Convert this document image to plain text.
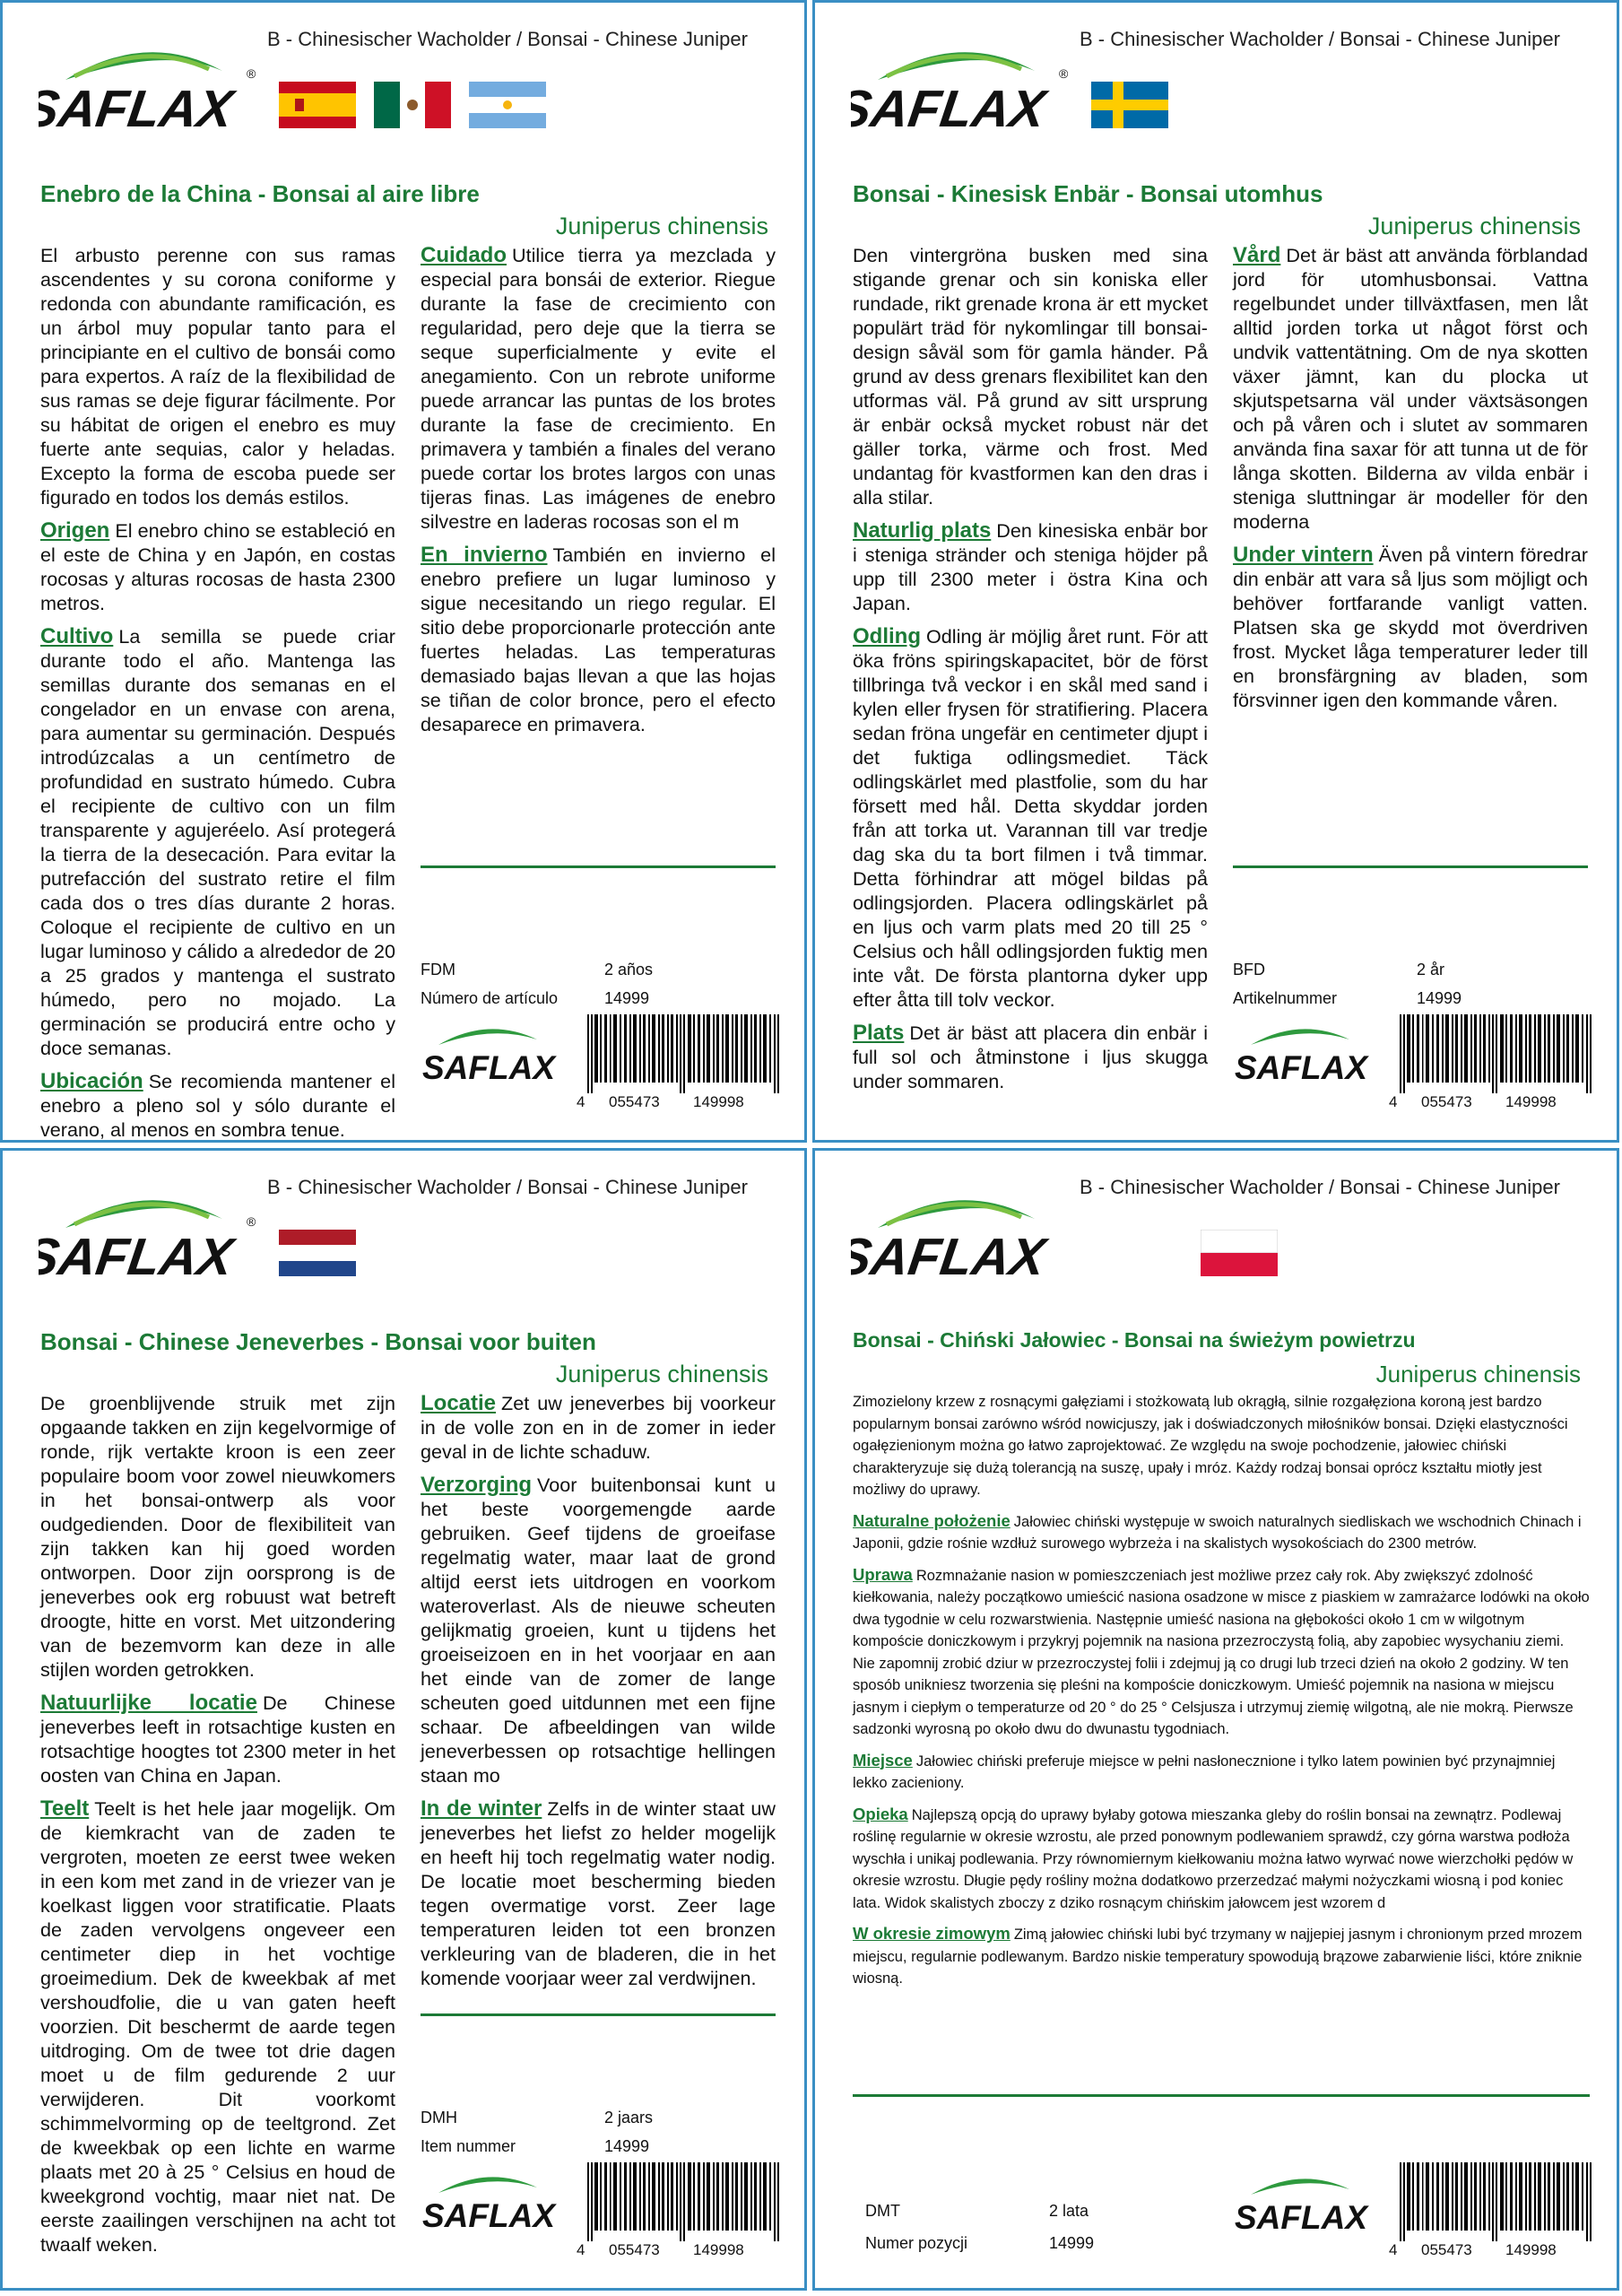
B - Chinesischer Wacholder / Bonsai - Chinese Juniper
SAFLAX
®
Enebro de la China - Bonsai al aire libre
Juniperus chinensis

El arbusto perenne con sus ramas ascendentes y su corona coniforme y redonda con abundante ramificación, es un árbol muy popular tanto para el principiante en el cultivo de bonsái como para expertos. A raíz de la flexibilidad de sus ramas se deje figurar fácilmente. Por su hábitat de origen el enebro es muy fuerte ante sequias, calor y heladas. Excepto la forma de escoba puede ser figurado en todos los demás estilos.

Origen El enebro chino se estableció en el este de China y en Japón, en costas rocosas y alturas rocosas de hasta 2300 metros.

Cultivo La semilla se puede criar durante todo el año. Mantenga las semillas durante dos semanas en el congelador en un envase con arena, para aumentar su germinación. Después introdúzcalas a un centímetro de profundidad en sustrato húmedo. Cubra el recipiente de cultivo con un film transparente y agujeréelo. Así protegerá la tierra de la desecación. Para evitar la putrefacción del sustrato retire el film cada dos o tres días durante 2 horas. Coloque el recipiente de cultivo en un lugar luminoso y cálido a alrededor de 20 a 25 grados y mantenga el sustrato húmedo, pero no mojado. La germinación se producirá entre ocho y doce semanas.

Ubicación Se recomienda mantener el enebro a pleno sol y sólo durante el verano, al menos en sombra tenue.

Cuidado Utilice tierra ya mezclada y especial para bonsái de exterior. Riegue durante la fase de crecimiento con regularidad, pero deje que la tierra se seque superficialmente y evite el anegamiento. Con un rebrote uniforme puede arrancar las puntas de los brotes durante la fase de crecimiento. En primavera y también a finales del verano puede cortar los brotes largos con unas tijeras finas. Las imágenes de enebro silvestre en laderas rocosas son el m

En invierno También en invierno el enebro prefiere un lugar luminoso y sigue necesitando un riego regular. El sitio debe proporcionarle protección ante fuertes heladas. Las temperaturas demasiado bajas llevan a que las hojas se tiñan de color bronce, pero el efecto desaparece en primavera.

FDM	2 años
Número de artículo	14999
SAFLAX
4 055473 149998
B - Chinesischer Wacholder / Bonsai - Chinese Juniper
SAFLAX
®
Bonsai - Kinesisk Enbär - Bonsai utomhus
Juniperus chinensis

Den vintergröna busken med sina stigande grenar och sin koniska eller rundade, rikt grenade krona är ett mycket populärt träd för nykomlingar till bonsai-design såväl som för gamla händer. På grund av dess grenars flexibilitet kan den utformas väl. På grund av sitt ursprung är enbär också mycket robust när det gäller torka, värme och frost. Med undantag för kvastformen kan den dras i alla stilar.

Naturlig plats Den kinesiska enbär bor i steniga stränder och steniga höjder på upp till 2300 meter i östra Kina och Japan.

Odling Odling är möjlig året runt. För att öka fröns spiringskapacitet, bör de först tillbringa två veckor i en skål med sand i kylen eller frysen för stratifiering. Placera sedan fröna ungefär en centimeter djupt i det fuktiga odlingsmediet. Täck odlingskärlet med plastfolie, som du har försett med hål. Detta skyddar jorden från att torka ut. Varannan till var tredje dag ska du ta bort filmen i två timmar. Detta förhindrar att mögel bildas på odlingsjorden. Placera odlingskärlet på en ljus och varm plats med 20 till 25 ° Celsius och håll odlingsjorden fuktig men inte våt. De första plantorna dyker upp efter åtta till tolv veckor.

Plats Det är bäst att placera din enbär i full sol och åtminstone i ljus skugga under sommaren.

Vård Det är bäst att använda förblandad jord för utomhusbonsai. Vattna regelbundet under tillväxtfasen, men låt alltid jorden torka ut något först och undvik vattentätning. Om de nya skotten växer jämnt, kan du plocka ut skjutspetsarna väl under växtsäsongen och på våren och i slutet av sommaren använda fina saxar för att tunna ut de för långa skotten. Bilderna av vilda enbär i steniga sluttningar är modeller för den moderna

Under vintern Även på vintern föredrar din enbär att vara så ljus som möjligt och behöver fortfarande vanligt vatten. Platsen ska ge skydd mot överdriven frost. Mycket låga temperaturer leder till en bronsfärgning av bladen, som försvinner igen den kommande våren.

BFD	2 år
Artikelnummer	14999
SAFLAX
4 055473 149998
B - Chinesischer Wacholder / Bonsai - Chinese Juniper
SAFLAX
®
Bonsai - Chinese Jeneverbes - Bonsai voor buiten
Juniperus chinensis

De groenblijvende struik met zijn opgaande takken en zijn kegelvormige of ronde, rijk vertakte kroon is een zeer populaire boom voor zowel nieuwkomers in het bonsai-ontwerp als voor oudgedienden. Door de flexibiliteit van zijn takken kan hij goed worden ontworpen. Door zijn oorsprong is de jeneverbes ook erg robuust wat betreft droogte, hitte en vorst. Met uitzondering van de bezemvorm kan deze in alle stijlen worden getrokken.

Natuurlijke locatie De Chinese jeneverbes leeft in rotsachtige kusten en rotsachtige hoogtes tot 2300 meter in het oosten van China en Japan.

Teelt Teelt is het hele jaar mogelijk. Om de kiemkracht van de zaden te vergroten, moeten ze eerst twee weken in een kom met zand in de vriezer van je koelkast liggen voor stratificatie. Plaats de zaden vervolgens ongeveer een centimeter diep in het vochtige groeimedium. Dek de kweekbak af met vershoudfolie, die u van gaten heeft voorzien. Dit beschermt de aarde tegen uitdroging. Om de twee tot drie dagen moet u de film gedurende 2 uur verwijderen. Dit voorkomt schimmelvorming op de teeltgrond. Zet de kweekbak op een lichte en warme plaats met 20 à 25 ° Celsius en houd de kweekgrond vochtig, maar niet nat. De eerste zaailingen verschijnen na acht tot twaalf weken.

Locatie Zet uw jeneverbes bij voorkeur in de volle zon en in de zomer in ieder geval in de lichte schaduw.

Verzorging Voor buitenbonsai kunt u het beste voorgemengde aarde gebruiken. Geef tijdens de groeifase regelmatig water, maar laat de grond altijd eerst iets uitdrogen en voorkom wateroverlast. Als de nieuwe scheuten gelijkmatig groeien, kunt u tijdens het groeiseizoen en in het voorjaar en aan het einde van de zomer de lange scheuten goed uitdunnen met een fijne schaar. De afbeeldingen van wilde jeneverbessen op rotsachtige hellingen staan mo

In de winter Zelfs in de winter staat uw jeneverbes het liefst zo helder mogelijk en heeft hij toch regelmatig water nodig. De locatie moet bescherming bieden tegen overmatige vorst. Zeer lage temperaturen leiden tot een bronzen verkleuring van de bladeren, die in het komende voorjaar weer zal verdwijnen.

DMH	2 jaars
Item nummer	14999
SAFLAX
4 055473 149998
B - Chinesischer Wacholder / Bonsai - Chinese Juniper
SAFLAX
Bonsai - Chiński Jałowiec - Bonsai na świeżym powietrzu
Juniperus chinensis

Zimozielony krzew z rosnącymi gałęziami i stożkowatą lub okrągłą, silnie rozgałęziona koroną jest bardzo popularnym bonsai zarówno wśród nowicjuszy, jak i doświadczonych miłośników bonsai. Dzięki elastyczności ogałęzienionym można go łatwo zaprojektować. Ze względu na swoje pochodzenie, jałowiec chiński charakteryzuje się dużą tolerancją na suszę, upały i mróz. Każdy rodzaj bonsai oprócz kształtu miotły jest możliwy do uprawy.

Naturalne położenie Jałowiec chiński występuje w swoich naturalnych siedliskach we wschodnich Chinach i Japonii, gdzie rośnie wzdłuż surowego wybrzeża i na skalistych wysokościach do 2300 metrów.

Uprawa Rozmnażanie nasion w pomieszczeniach jest możliwe przez cały rok. Aby zwiększyć zdolność kiełkowania, należy początkowo umieścić nasiona osadzone w misce z piaskiem w zamrażarce lodówki na około dwa tygodnie w celu rozwarstwienia. Następnie umieść nasiona na głębokości około 1 cm w wilgotnym kompoście doniczkowym i przykryj pojemnik na nasiona przezroczystą folią, aby zapobiec wysychaniu ziemi. Nie zapomnij zrobić dziur w przezroczystej folii i zdejmuj ją co drugi lub trzeci dzień na około 2 godziny. W ten sposób unikniesz tworzenia się pleśni na kompoście doniczkowym. Umieść pojemnik na nasiona w miejscu jasnym i ciepłym o temperaturze od 20 ° do 25 ° Celsjusza i utrzymuj ziemię wilgotną, ale nie mokrą. Pierwsze sadzonki wyrosną po około dwu do dwunastu tygodniach.

Miejsce Jałowiec chiński preferuje miejsce w pełni nasłonecznione i tylko latem powinien być przynajmniej lekko zacieniony.

Opieka Najlepszą opcją do uprawy byłaby gotowa mieszanka gleby do roślin bonsai na zewnątrz. Podlewaj roślinę regularnie w okresie wzrostu, ale przed ponownym podlewaniem sprawdź, czy górna warstwa podłoża wyschła i unikaj podlewania. Przy równomiernym kiełkowaniu można łatwo wyrwać nowe wierzchołki pędów w okresie wzrostu. Długie pędy rośliny można dodatkowo przerzedzać małymi nożyczkami wiosną i pod koniec lata. Widok skalistych zboczy z dziko rosnącym chińskim jałowcem jest wzorem d

W okresie zimowym Zimą jałowiec chiński lubi być trzymany w najjepiej jasnym i chronionym przed mrozem miejscu, regularnie podlewanym. Bardzo niskie temperatury spowodują brązowe zabarwienie liści, które zniknie wiosną.

DMT	2 lata
Numer pozycji	14999
SAFLAX
4 055473 149998
